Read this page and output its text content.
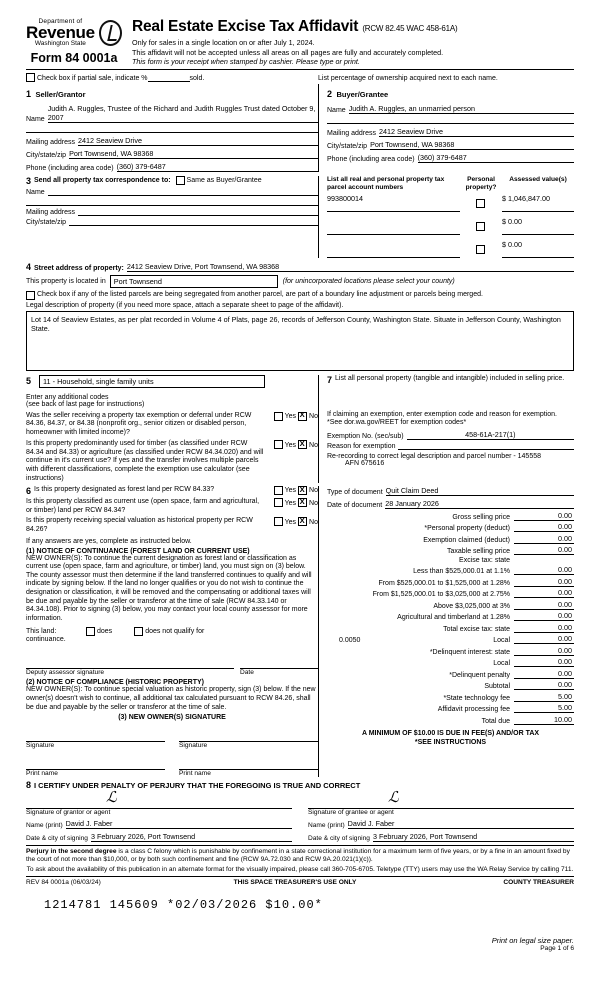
Department of
Revenue
Washington State
Form 84 0001a
Real Estate Excise Tax Affidavit (RCW 82.45 WAC 458-61A)
Only for sales in a single location on or after July 1, 2024.
This affidavit will not be accepted unless all areas on all pages are fully and accurately completed.
This form is your receipt when stamped by cashier. Please type or print.
Check box if partial sale, indicate %	sold.	List percentage of ownership acquired next to each name.
1 Seller/Grantor
Name
Judith A. Ruggles, Trustee of the Richard and Judith Ruggles Trust dated October 9, 2007
Mailing address 2412 Seaview Drive
City/state/zip Port Townsend, WA 98368
Phone (including area code) (360) 379-6487
2 Buyer/Grantee
Name Judith A. Ruggles, an unmarried person
Mailing address 2412 Seaview Drive
City/state/zip Port Townsend, WA 98368
Phone (including area code) (360) 379-6487
3 Send all property tax correspondence to: Same as Buyer/Grantee
Name
Mailing address
City/state/zip
List all real and personal property tax parcel account numbers
Personal property?
Assessed value(s)
993800014	$ 1,046,847.00
$ 0.00
$ 0.00
4 Street address of property: 2412 Seaview Drive, Port Townsend, WA 98368
This property is located in	Port Townsend	(for unincorporated locations please select your county)
Check box if any of the listed parcels are being segregated from another parcel, are part of a boundary line adjustment or parcels being merged.
Legal description of property (if you need more space, attach a separate sheet to page of the affidavit).
Lot 14 of Seaview Estates, as per plat recorded in Volume 4 of Plats, page 26, records of Jefferson County, Washington State. Situate in Jefferson County, Washington State.
5	11 - Household, single family units
Enter any additional codes
(see back of last page for instructions)
Was the seller receiving a property tax exemption or deferral under RCW 84.36, 84.37, or 84.38 (nonprofit org., senior citizen or disabled person, homeowner with limited income)?
Yes X No
Is this property predominantly used for timber (as classified under RCW 84.34 and 84.33) or agriculture (as classified under RCW 84.34.020) and will continue in it's current use? If yes and the transfer involves multiple parcels with different classifications, complete the exemption use calculator (see instructions)
Yes X No
7 List all personal property (tangible and intangible) included in selling price.
If claiming an exemption, enter exemption code and reason for exemption. *See dor.wa.gov/REET for exemption codes*
Exemption No. (sec/sub)	458-61A-217(1)
Reason for exemption
Re-recording to correct legal description and parcel number - 145558
AFN 675616
6 Is this property designated as forest land per RCW 84.33?	Yes X No
Is this property classified as current use (open space, farm and agricultural, or timber) land per RCW 84.34?
Yes X No
Is this property receiving special valuation as historical property per RCW 84.26?
Yes X No
If any answers are yes, complete as instructed below.
(1) NOTICE OF CONTINUANCE (FOREST LAND OR CURRENT USE)
NEW OWNER(S): To continue the current designation as forest land or classification as current use (open space, farm and agriculture, or timber) land, you must sign on (3) below. The county assessor must then determine if the land transferred continues to qualify and will indicate by signing below. If the land no longer qualifies or you do not wish to continue the designation or classification, it will be removed and the compensating or additional taxes will be due and payable by the seller or transferor at the time of sale (RCW 84.33.140 or 84.34.108). Prior to signing (3) below, you may contact your local county assessor for more information.
This land:	does	does not qualify for
continuance.
Deputy assessor signature	Date
(2) NOTICE OF COMPLIANCE (HISTORIC PROPERTY)
NEW OWNER(S): To continue special valuation as historic property, sign (3) below. If the new owner(s) doesn't wish to continue, all additional tax calculated pursuant to RCW 84.26, shall be due and payable by the seller or transferor at the time of sale.
(3) NEW OWNER(S) SIGNATURE
Signature	Signature
Print name	Print name
Type of document Quit Claim Deed
Date of document 28 January 2026
Gross selling price	0.00
*Personal property (deduct)	0.00
Exemption claimed (deduct)	0.00
Taxable selling price	0.00
Excise tax: state
Less than $525,000.01 at 1.1%	0.00
From $525,000.01 to $1,525,000 at 1.28%	0.00
From $1,525,000.01 to $3,025,000 at 2.75%	0.00
Above $3,025,000 at 3%	0.00
Agricultural and timberland at 1.28%	0.00
Total excise tax: state	0.00
0.0050	Local	0.00
*Delinquent interest: state	0.00
Local	0.00
*Delinquent penalty	0.00
Subtotal	0.00
*State technology fee	5.00
Affidavit processing fee	5.00
Total due	10.00
A MINIMUM OF $10.00 IS DUE IN FEE(S) AND/OR TAX
*SEE INSTRUCTIONS
8 I CERTIFY UNDER PENALTY OF PERJURY THAT THE FOREGOING IS TRUE AND CORRECT
ℒ
Signature of grantor or agent
Name (print) David J. Faber
Date & city of signing 3 February 2026, Port Townsend
ℒ
Signature of grantee or agent
Name (print) David J. Faber
Date & city of signing 3 February 2026, Port Townsend
Perjury in the second degree is a class C felony which is punishable by confinement in a state correctional institution for a maximum term of five years, or by a fine in an amount fixed by the court of not more than $10,000, or by both such confinement and fine (RCW 9A.72.030 and RCW 9A.20.021(1)(c)).
To ask about the availability of this publication in an alternate format for the visually impaired, please call 360-705-6705. Teletype (TTY) users may use the WA Relay Service by calling 711.
REV 84 0001a (06/03/24)	THIS SPACE TREASURER'S USE ONLY	COUNTY TREASURER
1214781 145609 *02/03/2026 $10.00*
Print on legal size paper.
Page 1 of 6
